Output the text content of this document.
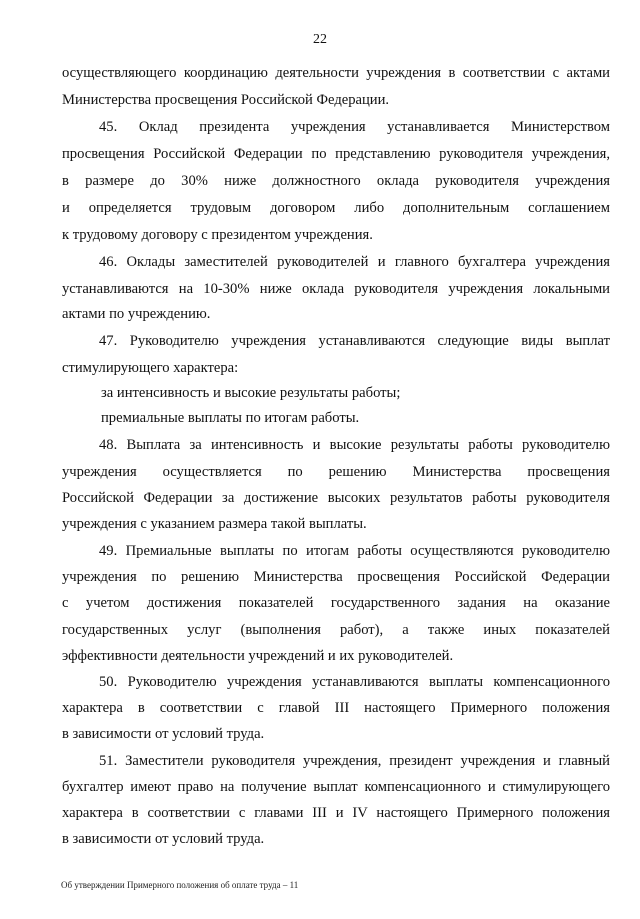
22
осуществляющего координацию деятельности учреждения в соответствии с актами
Министерства просвещения Российской Федерации.
45. Оклад президента учреждения устанавливается Министерством
просвещения Российской Федерации по представлению руководителя учреждения,
в размере до 30% ниже должностного оклада руководителя учреждения
и определяется трудовым договором либо дополнительным соглашением
к трудовому договору с президентом учреждения.
46. Оклады заместителей руководителей и главного бухгалтера учреждения
устанавливаются на 10-30% ниже оклада руководителя учреждения локальными
актами по учреждению.
47. Руководителю учреждения устанавливаются следующие виды выплат
стимулирующего характера:
за интенсивность и высокие результаты работы;
премиальные выплаты по итогам работы.
48. Выплата за интенсивность и высокие результаты работы руководителю
учреждения осуществляется по решению Министерства просвещения
Российской Федерации за достижение высоких результатов работы руководителя
учреждения с указанием размера такой выплаты.
49. Премиальные выплаты по итогам работы осуществляются руководителю
учреждения по решению Министерства просвещения Российской Федерации
с учетом достижения показателей государственного задания на оказание
государственных услуг (выполнения работ), а также иных показателей
эффективности деятельности учреждений и их руководителей.
50. Руководителю учреждения устанавливаются выплаты компенсационного
характера в соответствии с главой III настоящего Примерного положения
в зависимости от условий труда.
51. Заместители руководителя учреждения, президент учреждения и главный
бухгалтер имеют право на получение выплат компенсационного и стимулирующего
характера в соответствии с главами III и IV настоящего Примерного положения
в зависимости от условий труда.
Об утверждении Примерного положения об оплате труда – 11
